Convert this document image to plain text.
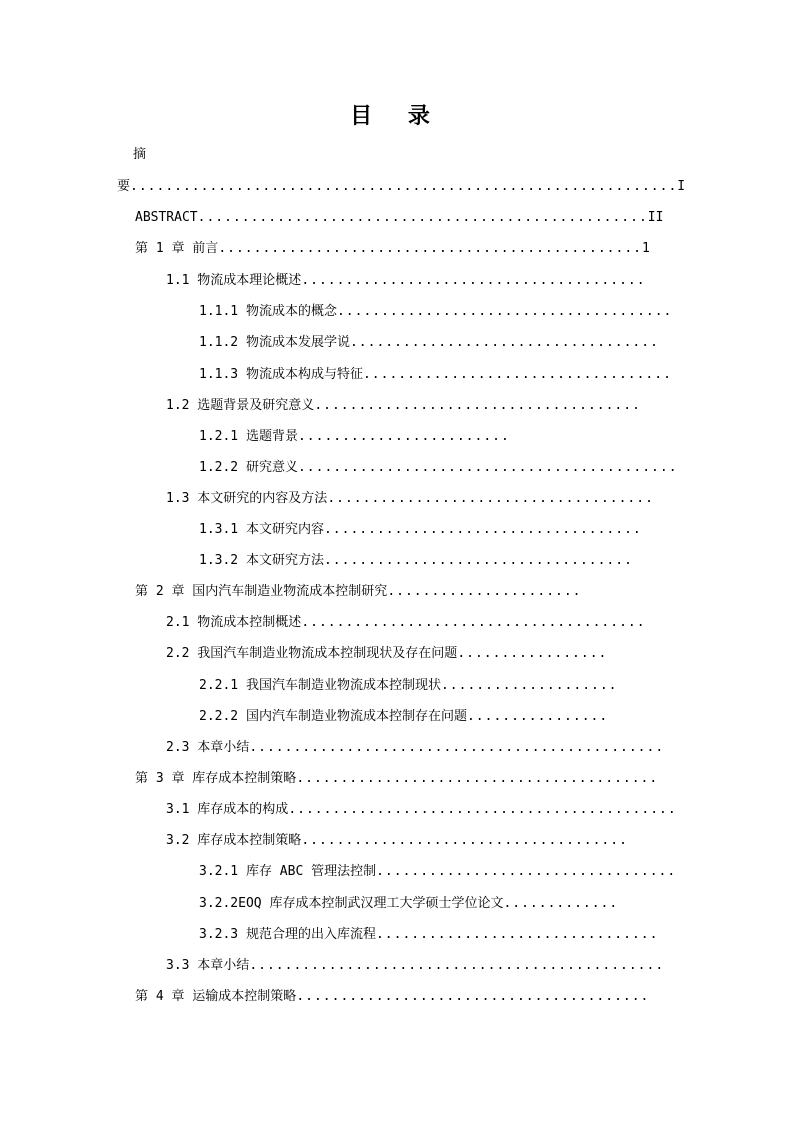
目 录
摘
要..............................................................I
ABSTRACT...................................................II
第 1 章 前言................................................1
1.1 物流成本理论概述.......................................
1.1.1 物流成本的概念......................................
1.1.2 物流成本发展学说...................................
1.1.3 物流成本构成与特征...................................
1.2 选题背景及研究意义.....................................
1.2.1 选题背景........................
1.2.2 研究意义...........................................
1.3 本文研究的内容及方法.....................................
1.3.1 本文研究内容....................................
1.3.2 本文研究方法...................................
第 2 章 国内汽车制造业物流成本控制研究......................
2.1 物流成本控制概述.......................................
2.2 我国汽车制造业物流成本控制现状及存在问题.................
2.2.1 我国汽车制造业物流成本控制现状....................
2.2.2 国内汽车制造业物流成本控制存在问题................
2.3 本章小结...............................................
第 3 章 库存成本控制策略.........................................
3.1 库存成本的构成............................................
3.2 库存成本控制策略.....................................
3.2.1 库存 ABC 管理法控制..................................
3.2.2EOQ 库存成本控制武汉理工大学硕士学位论文.............
3.2.3 规范合理的出入库流程................................
3.3 本章小结...............................................
第 4 章 运输成本控制策略........................................
